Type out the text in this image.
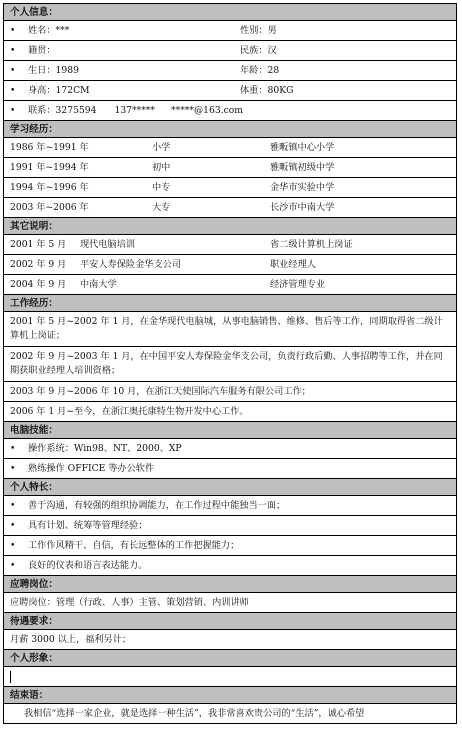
个人信息：
• 姓名：***	性别：男
• 籍贯：	民族：汉
• 生日：1989	年龄：28
• 身高：172CM	体重：80KG
• 联系：3275594 137***** *****@163.com
学习经历：
1986 年~1991 年	小学	雅畈镇中心小学
1991 年~1994 年	初中	雅畈镇初级中学
1994 年~1996 年	中专	金华市实验中学
2003 年~2006 年	大专	长沙市中南大学
其它说明：
2001 年 5 月 现代电脑培训	省二级计算机上岗证
2002 年 9 月 平安人寿保险金华支公司	职业经理人
2004 年 9 月 中南大学	经济管理专业
工作经历：
2001 年 5 月~2002 年 1 月，在金华现代电脑城，从事电脑销售、维修、售后等工作，同期取得省二级计算机上岗证；
2002 年 9 月~2003 年 1 月，在中国平安人寿保险金华支公司，负责行政后勤、人事招聘等工作，并在同期获职业经理人培训资格；
2003 年 9 月~2006 年 10 月，在浙江天使国际汽车服务有限公司工作；
2006 年 1 月~至今，在浙江奥托康特生物开发中心工作。
电脑技能：
• 操作系统：Win98、NT、2000、XP
• 熟练操作 OFFICE 等办公软件
个人特长：
• 善于沟通，有较强的组织协调能力，在工作过程中能独当一面；
• 具有计划、统筹等管理经验；
• 工作作风精干、自信，有长远整体的工作把握能力；
• 良好的仪表和语言表达能力。
应聘岗位：
应聘岗位：管理（行政、人事）主管、策划营销、内训讲师
待遇要求：
月薪 3000 以上，福利另计；
个人形象：
结束语：
我相信“选择一家企业，就是选择一种生活”，我非常喜欢贵公司的“生活”，诚心希望
